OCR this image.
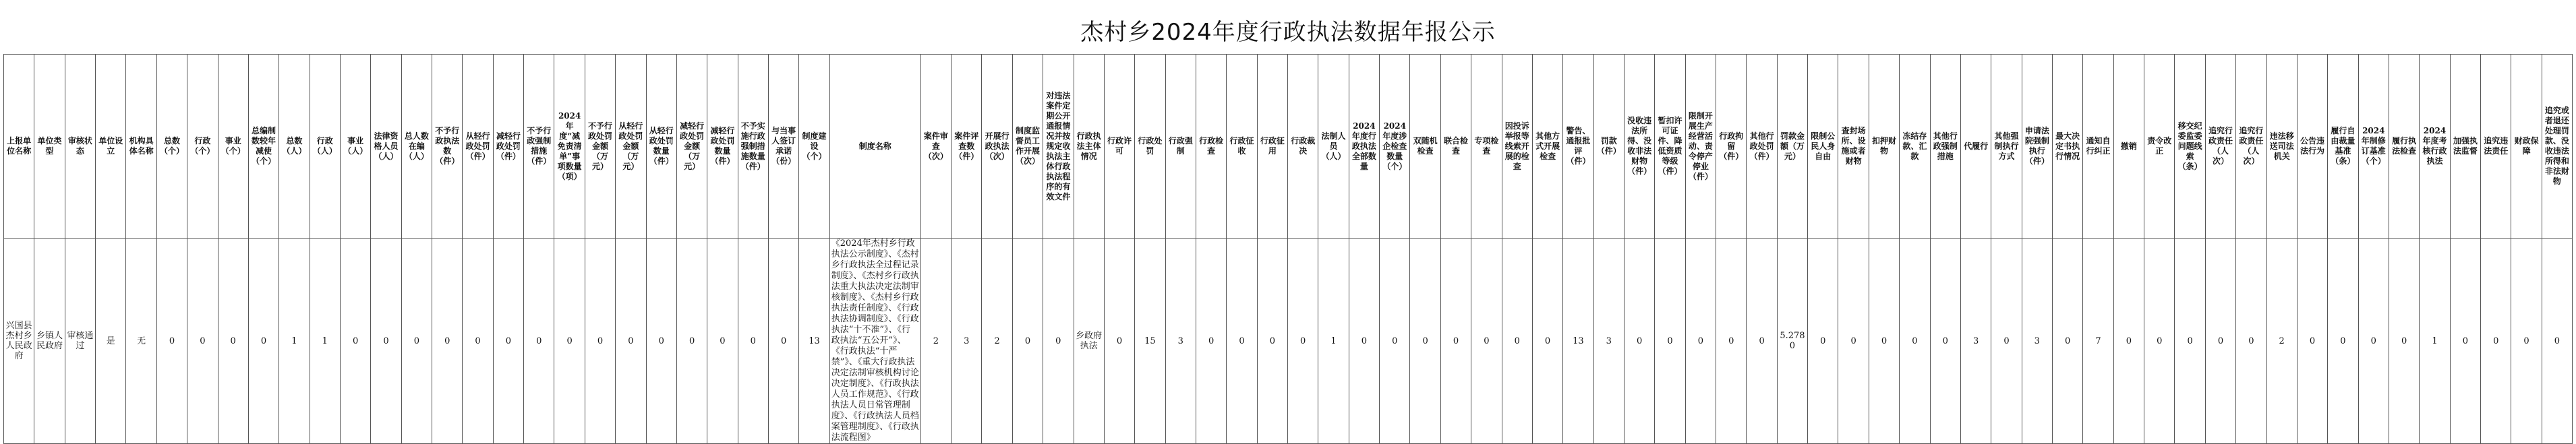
杰村乡2024年度行政执法数据年报公示
上报单位名称	单位类型	审核状态	单位设立	机构具体名称	总数（个）	行政（个）	事业（个）	总编制数较年减使（个）	总数（人）	行政（人）	事业（人）	法律资格人员（人）	总人数在编（人）	不予行政执法数（件）	从轻行政处罚（件）	减轻行政处罚（件）	不予行政强制措施（件）	2024年度“减免责清单”事项数量（项）	不予行政处罚金额（万元）	从轻行政处罚金额（万元）	从轻行政处罚数量（件）	减轻行政处罚金额（万元）	减轻行政处罚数量（件）	不予实施行政强制措施数量（件）	与当事人签订承诺（份）	制度建设（个）	制度名称	案件审查（次）	案件评查数（件）	开展行政执法（次）	制度监督员工作开展（次）	对违法案件定期公开通报情况并按规定收执法主体行政执法程序的有效文件	行政执法主体情况	行政许可	行政处罚	行政强制	行政检查	行政征收	行政征用	行政裁决	法制人员（人）	2024年度行政执法全部数量	2024年度涉企检查数量（个）	双随机检查	联合检查	专项检查	因投诉举报等线索开展的检查	其他方式开展检查	警告、通报批评（件）	罚款（件）	没收违法所得、没收非法财物（件）	暂扣许可证件、降低资质等级（件）	限制开展生产经营活动、责令停产停业（件）	行政拘留（件）	其他行政处罚（件）	罚款金额（万元）	限制公民人身自由	查封场所、设施或者财物	扣押财物	冻结存款、汇款	其他行政强制措施	代履行	其他强制执行方式	申请法院强制执行（件）	最大决定书执行情况	通知自行纠正	撤销	责令改正	移交纪委监委问题线索（条）	追究行政责任（人次）	追究行政责任（人次）	违法移送司法机关	公告违法行为	履行自由裁量基准（条）	2024年制修订基准（个）	履行执法检查	2024年度考核行政执法	加强执法监督	追究违法责任	财政保障	追究或者退还处理罚款、没收违法所得和非法财物
兴国县杰村乡人民政府	乡镇人民政府	审核通过	是	无	0	0	0	0	1	1	0	0	0	0	0	0	0	0	0	0	0	0	0	0	0	13	《2024年杰村乡行政执法公示制度》、《杰村乡行政执法全过程记录制度》、《杰村乡行政执法重大执法决定法制审核制度》、《杰村乡行政执法责任制度》、《行政执法协调制度》、《行政执法“十不准”》、《行政执法“五公开”》、《行政执法“十严禁”》、《重大行政执法决定法制审核机构讨论决定制度》、《行政执法人员工作规范》、《行政执法人员日常管理制度》、《行政执法人员档案管理制度》、《行政执法流程图》	2	3	2	0	0	乡政府执法	0	15	3	0	0	0	0	1	0	0	0	0	0	0	0	13	3	0	0	0	0	0	5.2780	0	0	0	0	0	3	0	3	0	7	0	0	0	0	0	2	0	0	0	0	1	0	0	0	0			
